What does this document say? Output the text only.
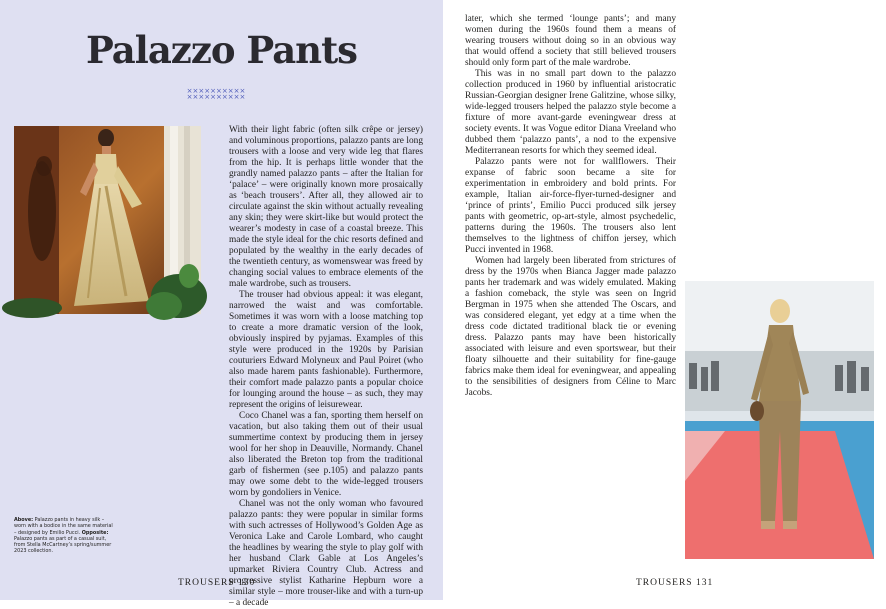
Palazzo Pants
××××××××××
××××××××××

With their light fabric (often silk crêpe or jersey) and voluminous proportions, palazzo pants are long trousers with a loose and very wide leg that flares from the hip. It is perhaps little wonder that the grandly named palazzo pants – after the Italian for ‘palace’ – were originally known more prosaically as ‘beach trousers’. After all, they allowed air to circulate against the skin without actually revealing any skin; they were skirt-like but would protect the wearer’s modesty in case of a coastal breeze. This made the style ideal for the chic resorts defined and populated by the wealthy in the early decades of the twentieth century, as womenswear was freed by changing social values to embrace elements of the male wardrobe, such as trousers.

The trouser had obvious appeal: it was elegant, narrowed the waist and was comfortable. Sometimes it was worn with a loose matching top to create a more dramatic version of the look, obviously inspired by pyjamas. Examples of this style were produced in the 1920s by Parisian couturiers Edward Molyneux and Paul Poiret (who also made harem pants fashionable). Furthermore, their comfort made palazzo pants a popular choice for lounging around the house – as such, they may represent the origins of leisurewear.

Coco Chanel was a fan, sporting them herself on vacation, but also taking them out of their usual summertime context by producing them in jersey wool for her shop in Deauville, Normandy. Chanel also liberated the Breton top from the traditional garb of fishermen (see p.105) and palazzo pants may owe some debt to the wide-legged trousers worn by gondoliers in Venice.

Chanel was not the only woman who favoured palazzo pants: they were popular in similar forms with such actresses of Hollywood’s Golden Age as Veronica Lake and Carole Lombard, who caught the headlines by wearing the style to play golf with her husband Clark Gable at Los Angeles’s upmarket Riviera Country Club. Actress and progressive stylist Katharine Hepburn wore a similar style – more trouser-like and with a turn-up – a decade

Above: Palazzo pants in heavy silk – worn with a bodice in the same material – designed by Emilio Pucci. Opposite: Palazzo pants as part of a casual suit, from Stella McCartney’s spring/summer 2023 collection.
TROUSERS 130

later, which she termed ‘lounge pants’; and many women during the 1960s found them a means of wearing trousers without doing so in an obvious way that would offend a society that still believed trousers should only form part of the male wardrobe.

This was in no small part down to the palazzo collection produced in 1960 by influential aristocratic Russian-Georgian designer Irene Galitzine, whose silky, wide-legged trousers helped the palazzo style become a fixture of more avant-garde eveningwear dress at society events. It was Vogue editor Diana Vreeland who dubbed them ‘palazzo pants’, a nod to the expensive Mediterranean resorts for which they seemed ideal.

Palazzo pants were not for wallflowers. Their expanse of fabric soon became a site for experimentation in embroidery and bold prints. For example, Italian air-force-flyer-turned-designer and ‘prince of prints’, Emilio Pucci produced silk jersey pants with geometric, op-art-style, almost psychedelic, patterns during the 1960s. The trousers also lent themselves to the lightness of chiffon jersey, which Pucci invented in 1968.

Women had largely been liberated from strictures of dress by the 1970s when Bianca Jagger made palazzo pants her trademark and was widely emulated. Making a fashion comeback, the style was seen on Ingrid Bergman in 1975 when she attended The Oscars, and was considered elegant, yet edgy at a time when the dress code dictated traditional black tie or evening dress. Palazzo pants may have been historically associated with leisure and even sportswear, but their floaty silhouette and their suitability for fine-gauge fabrics make them ideal for eveningwear, and appealing to the sensibilities of designers from Céline to Marc Jacobs.

TROUSERS 131
